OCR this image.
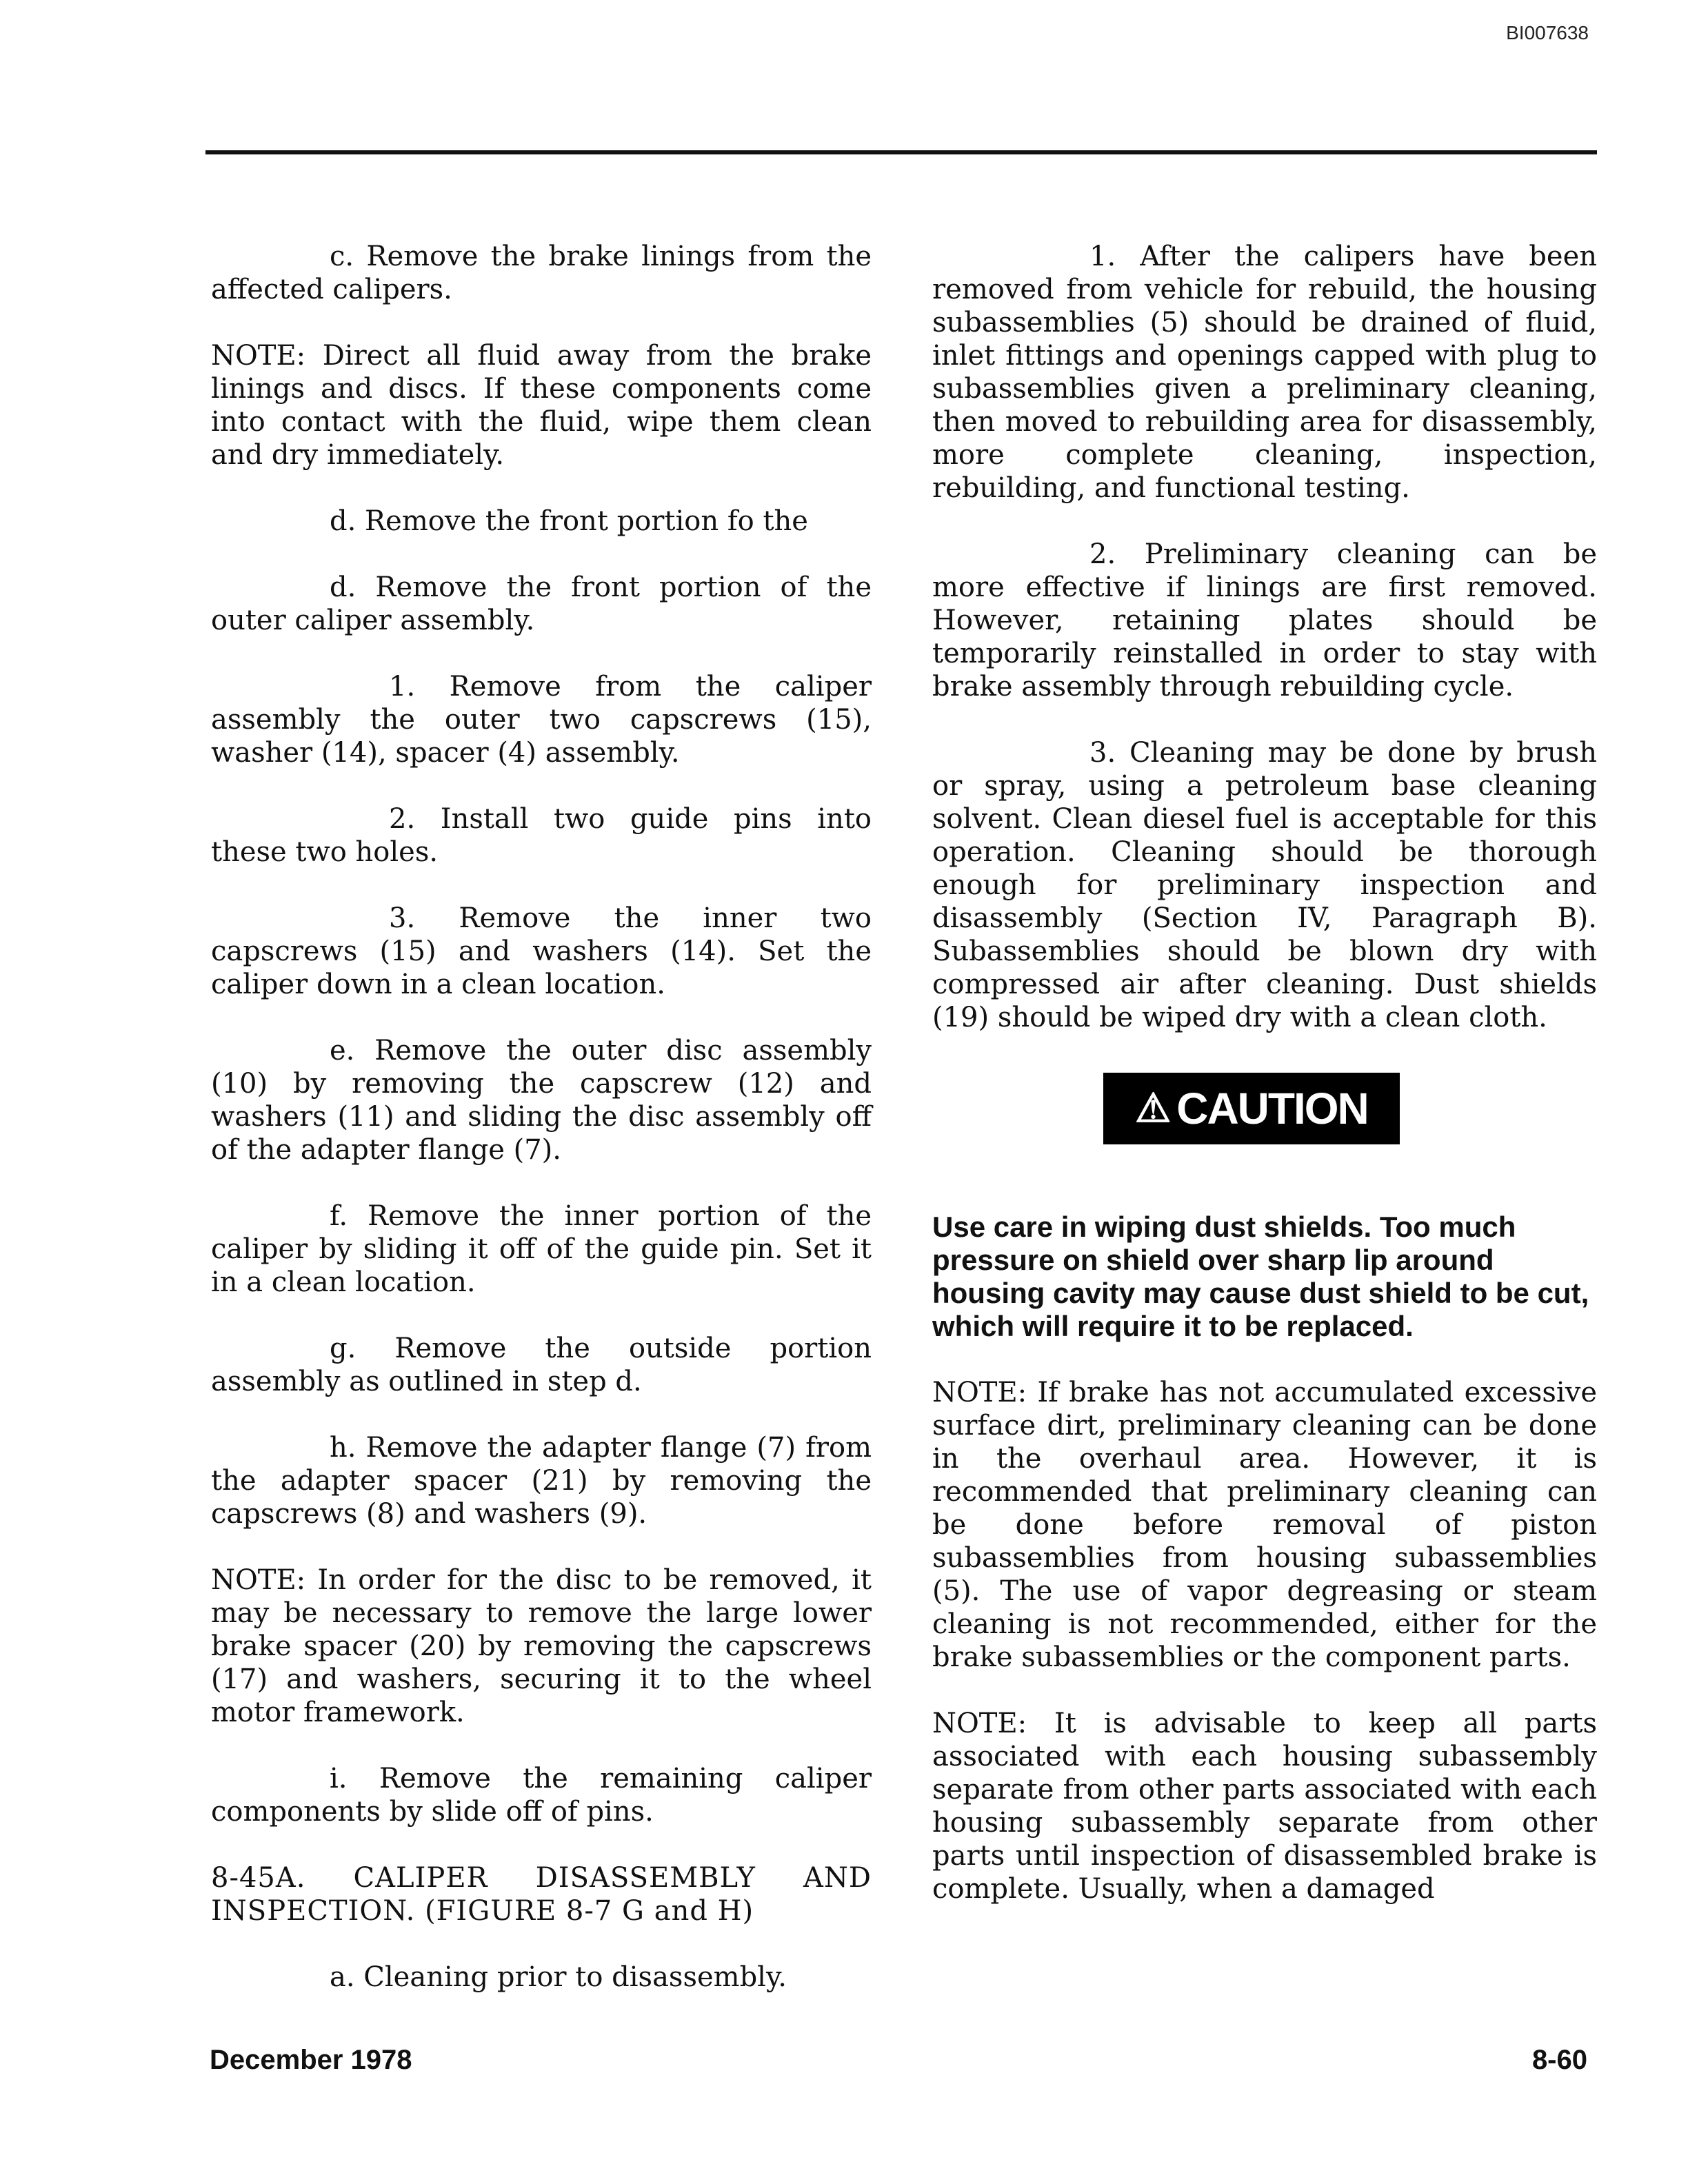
BI007638

c. Remove the brake linings from the affected calipers.

NOTE: Direct all fluid away from the brake linings and discs. If these components come into contact with the fluid, wipe them clean and dry immediately.

d. Remove the front portion fo the

d. Remove the front portion of the outer caliper assembly.

1. Remove from the caliper assembly the outer two capscrews (15), washer (14), spacer (4) assembly.

2. Install two guide pins into these two holes.

3. Remove the inner two capscrews (15) and washers (14). Set the caliper down in a clean location.

e. Remove the outer disc assembly (10) by removing the capscrew (12) and washers (11) and sliding the disc assembly off of the adapter flange (7).

f. Remove the inner portion of the caliper by sliding it off of the guide pin. Set it in a clean location.

g. Remove the outside portion assembly as outlined in step d.

h. Remove the adapter flange (7) from the adapter spacer (21) by removing the capscrews (8) and washers (9).

NOTE: In order for the disc to be removed, it may be necessary to remove the large lower brake spacer (20) by removing the capscrews (17) and washers, securing it to the wheel motor framework.

i. Remove the remaining caliper components by slide off of pins.

8-45A. CALIPER DISASSEMBLY AND INSPECTION. (FIGURE 8-7 G and H)

a. Cleaning prior to disassembly.

1. After the calipers have been removed from vehicle for rebuild, the housing subassemblies (5) should be drained of fluid, inlet fittings and openings capped with plug to subassemblies given a preliminary cleaning, then moved to rebuilding area for disassembly, more complete cleaning, inspection, rebuilding, and functional testing.

2. Preliminary cleaning can be more effective if linings are first removed. However, retaining plates should be temporarily reinstalled in order to stay with brake assembly through rebuilding cycle.

3. Cleaning may be done by brush or spray, using a petroleum base cleaning solvent. Clean diesel fuel is acceptable for this operation. Cleaning should be thorough enough for preliminary inspection and disassembly (Section IV, Paragraph B). Subassemblies should be blown dry with compressed air after cleaning. Dust shields (19) should be wiped dry with a clean cloth.

⚠ CAUTION

Use care in wiping dust shields. Too much pressure on shield over sharp lip around housing cavity may cause dust shield to be cut, which will require it to be replaced.

NOTE: If brake has not accumulated excessive surface dirt, preliminary cleaning can be done in the overhaul area. However, it is recommended that preliminary cleaning can be done before removal of piston subassemblies from housing subassemblies (5). The use of vapor degreasing or steam cleaning is not recommended, either for the brake subassemblies or the component parts.

NOTE: It is advisable to keep all parts associated with each housing subassembly separate from other parts associated with each housing subassembly separate from other parts until inspection of disassembled brake is complete. Usually, when a damaged

December 1978	8-60
